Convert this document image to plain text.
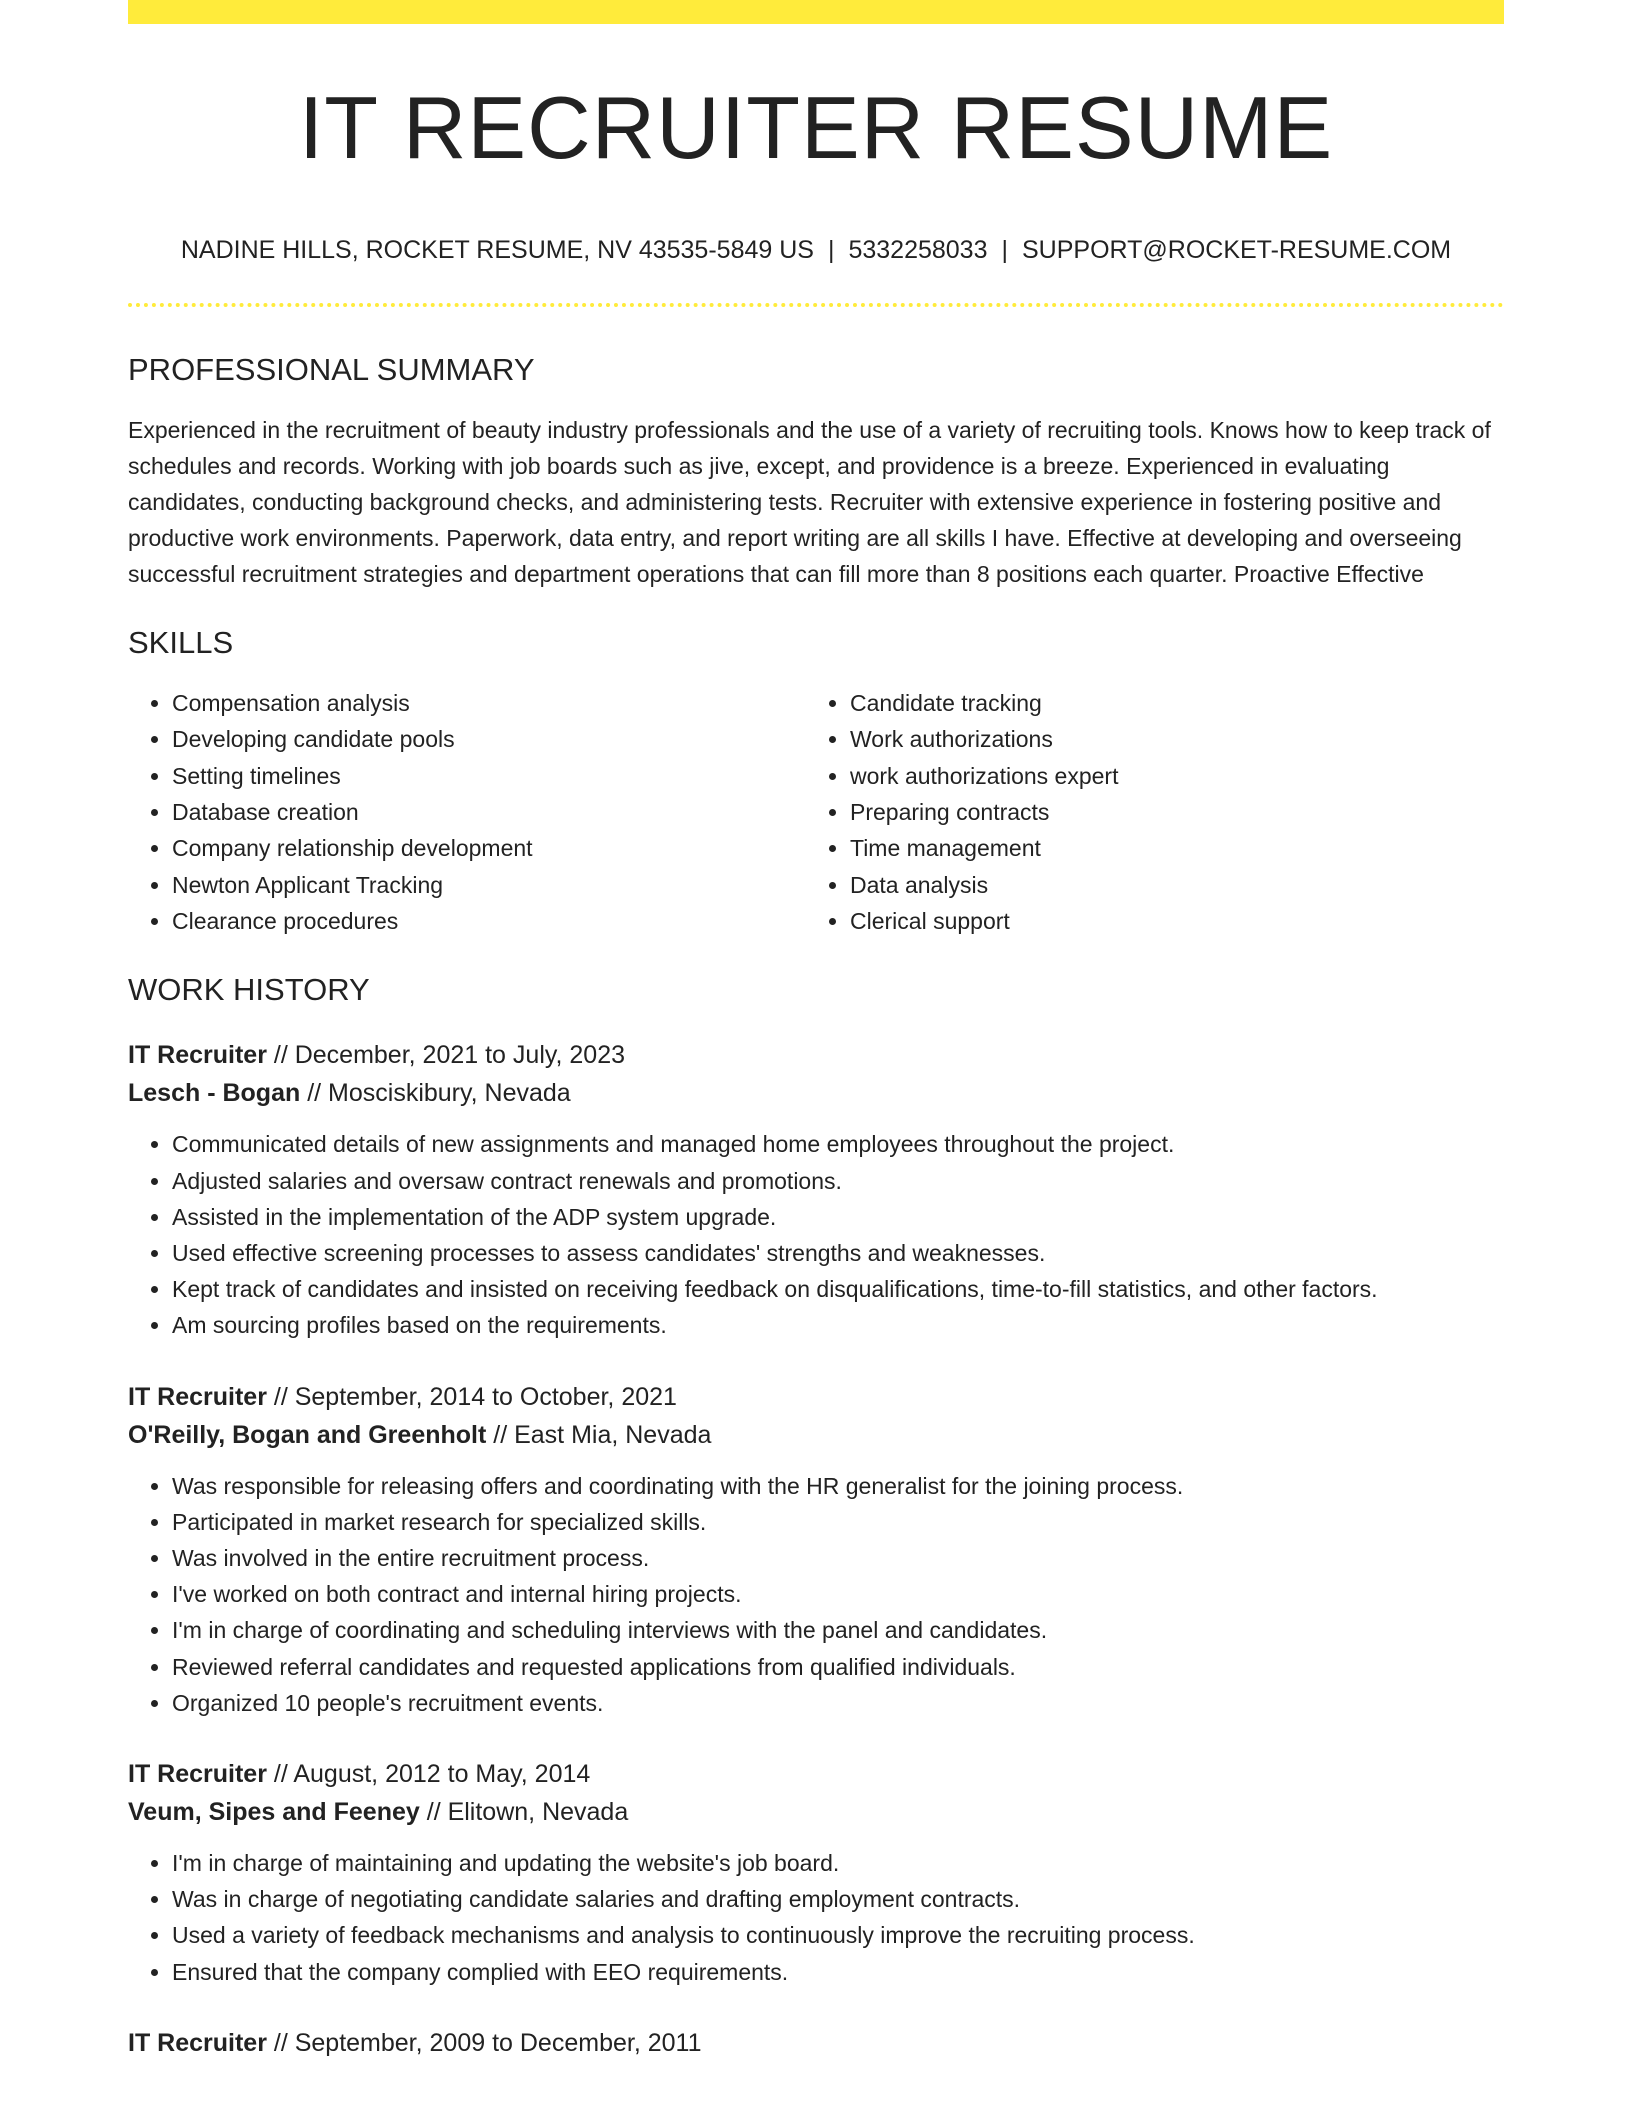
IT RECRUITER RESUME
NADINE HILLS, ROCKET RESUME, NV 43535-5849 US | 5332258033 | SUPPORT@ROCKET-RESUME.COM
PROFESSIONAL SUMMARY
Experienced in the recruitment of beauty industry professionals and the use of a variety of recruiting tools. Knows how to keep track of schedules and records. Working with job boards such as jive, except, and providence is a breeze. Experienced in evaluating candidates, conducting background checks, and administering tests. Recruiter with extensive experience in fostering positive and productive work environments. Paperwork, data entry, and report writing are all skills I have. Effective at developing and overseeing successful recruitment strategies and department operations that can fill more than 8 positions each quarter. Proactive Effective
SKILLS
• Compensation analysis
• Developing candidate pools
• Setting timelines
• Database creation
• Company relationship development
• Newton Applicant Tracking
• Clearance procedures
• Candidate tracking
• Work authorizations
• work authorizations expert
• Preparing contracts
• Time management
• Data analysis
• Clerical support
WORK HISTORY
IT Recruiter // December, 2021 to July, 2023
Lesch - Bogan // Mosciskibury, Nevada
• Communicated details of new assignments and managed home employees throughout the project.
• Adjusted salaries and oversaw contract renewals and promotions.
• Assisted in the implementation of the ADP system upgrade.
• Used effective screening processes to assess candidates' strengths and weaknesses.
• Kept track of candidates and insisted on receiving feedback on disqualifications, time-to-fill statistics, and other factors.
• Am sourcing profiles based on the requirements.
IT Recruiter // September, 2014 to October, 2021
O'Reilly, Bogan and Greenholt // East Mia, Nevada
• Was responsible for releasing offers and coordinating with the HR generalist for the joining process.
• Participated in market research for specialized skills.
• Was involved in the entire recruitment process.
• I've worked on both contract and internal hiring projects.
• I'm in charge of coordinating and scheduling interviews with the panel and candidates.
• Reviewed referral candidates and requested applications from qualified individuals.
• Organized 10 people's recruitment events.
IT Recruiter // August, 2012 to May, 2014
Veum, Sipes and Feeney // Elitown, Nevada
• I'm in charge of maintaining and updating the website's job board.
• Was in charge of negotiating candidate salaries and drafting employment contracts.
• Used a variety of feedback mechanisms and analysis to continuously improve the recruiting process.
• Ensured that the company complied with EEO requirements.
IT Recruiter // September, 2009 to December, 2011
